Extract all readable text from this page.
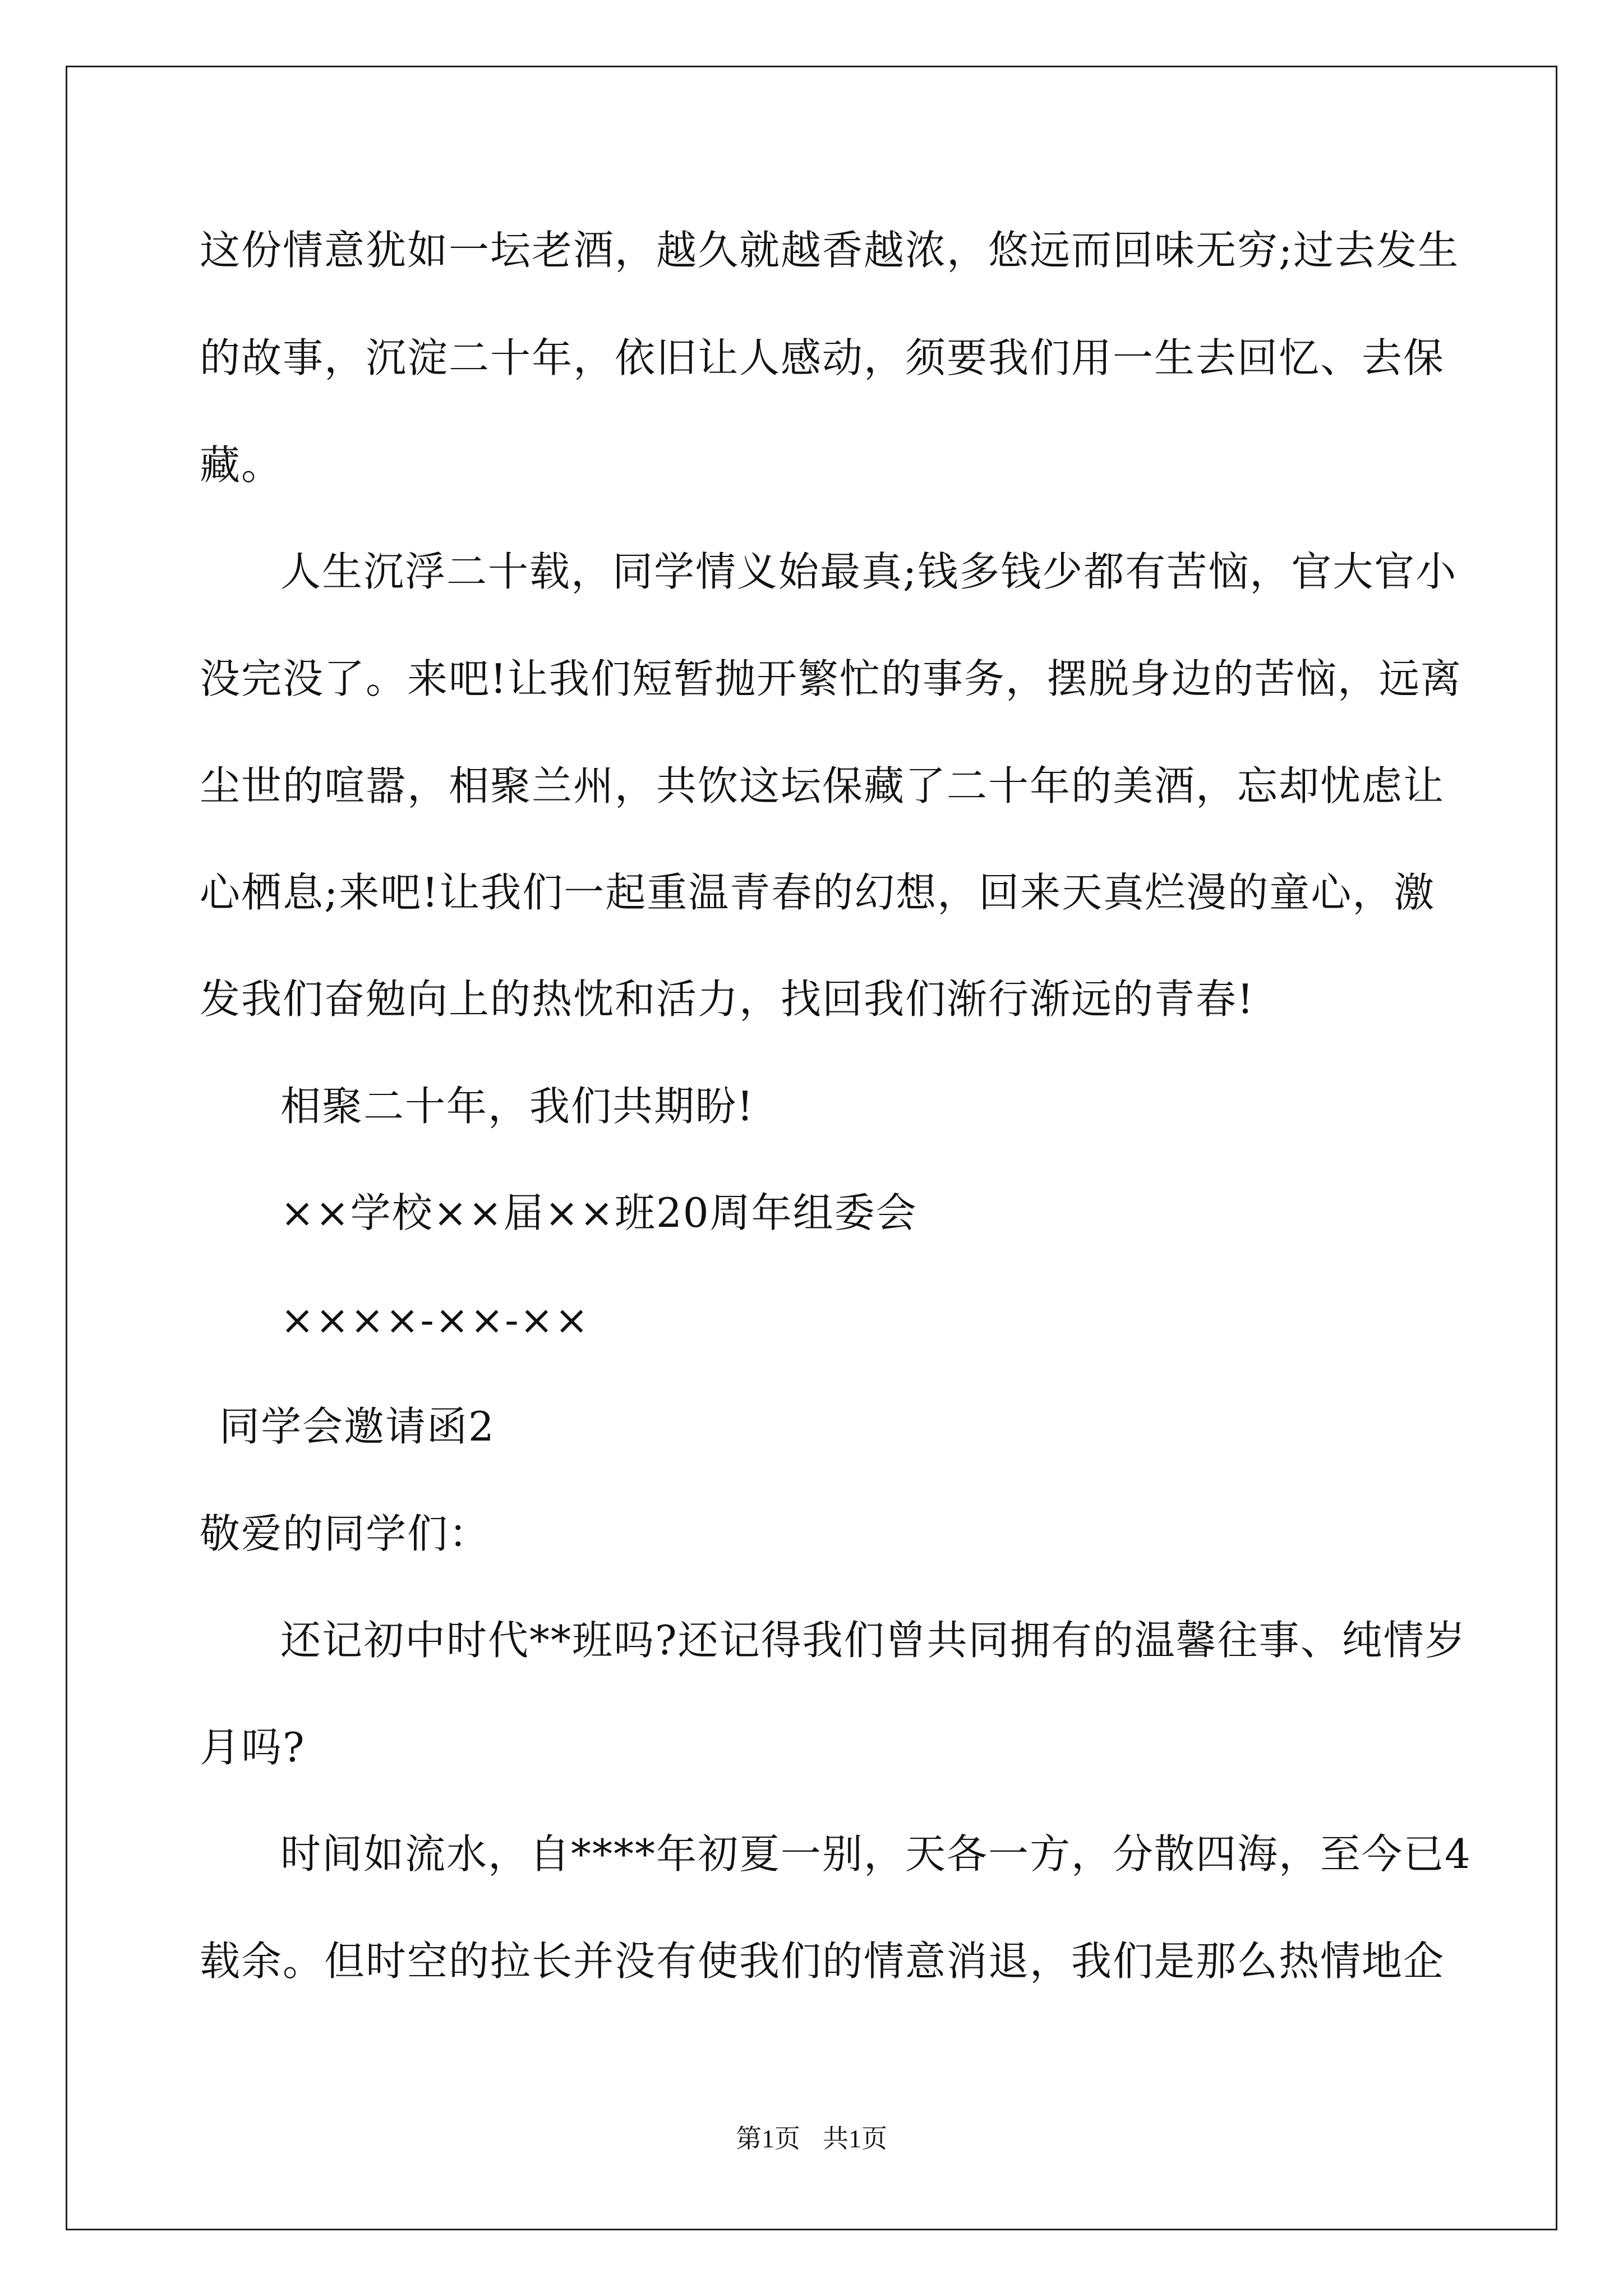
这份情意犹如一坛老酒，越久就越香越浓，悠远而回味无穷;过去发生
的故事，沉淀二十年，依旧让人感动，须要我们用一生去回忆、去保
藏。
人生沉浮二十载，同学情义始最真;钱多钱少都有苦恼，官大官小
没完没了。来吧!让我们短暂抛开繁忙的事务，摆脱身边的苦恼，远离
尘世的喧嚣，相聚兰州，共饮这坛保藏了二十年的美酒，忘却忧虑让
心栖息;来吧!让我们一起重温青春的幻想，回来天真烂漫的童心，激
发我们奋勉向上的热忱和活力，找回我们渐行渐远的青春!
相聚二十年，我们共期盼!
××学校××届××班20周年组委会
××××-××-××
同学会邀请函2
敬爱的同学们：
还记初中时代**班吗?还记得我们曾共同拥有的温馨往事、纯情岁
月吗?
时间如流水，自****年初夏一别，天各一方，分散四海，至今已4
载余。但时空的拉长并没有使我们的情意消退，我们是那么热情地企
第1页 共1页
